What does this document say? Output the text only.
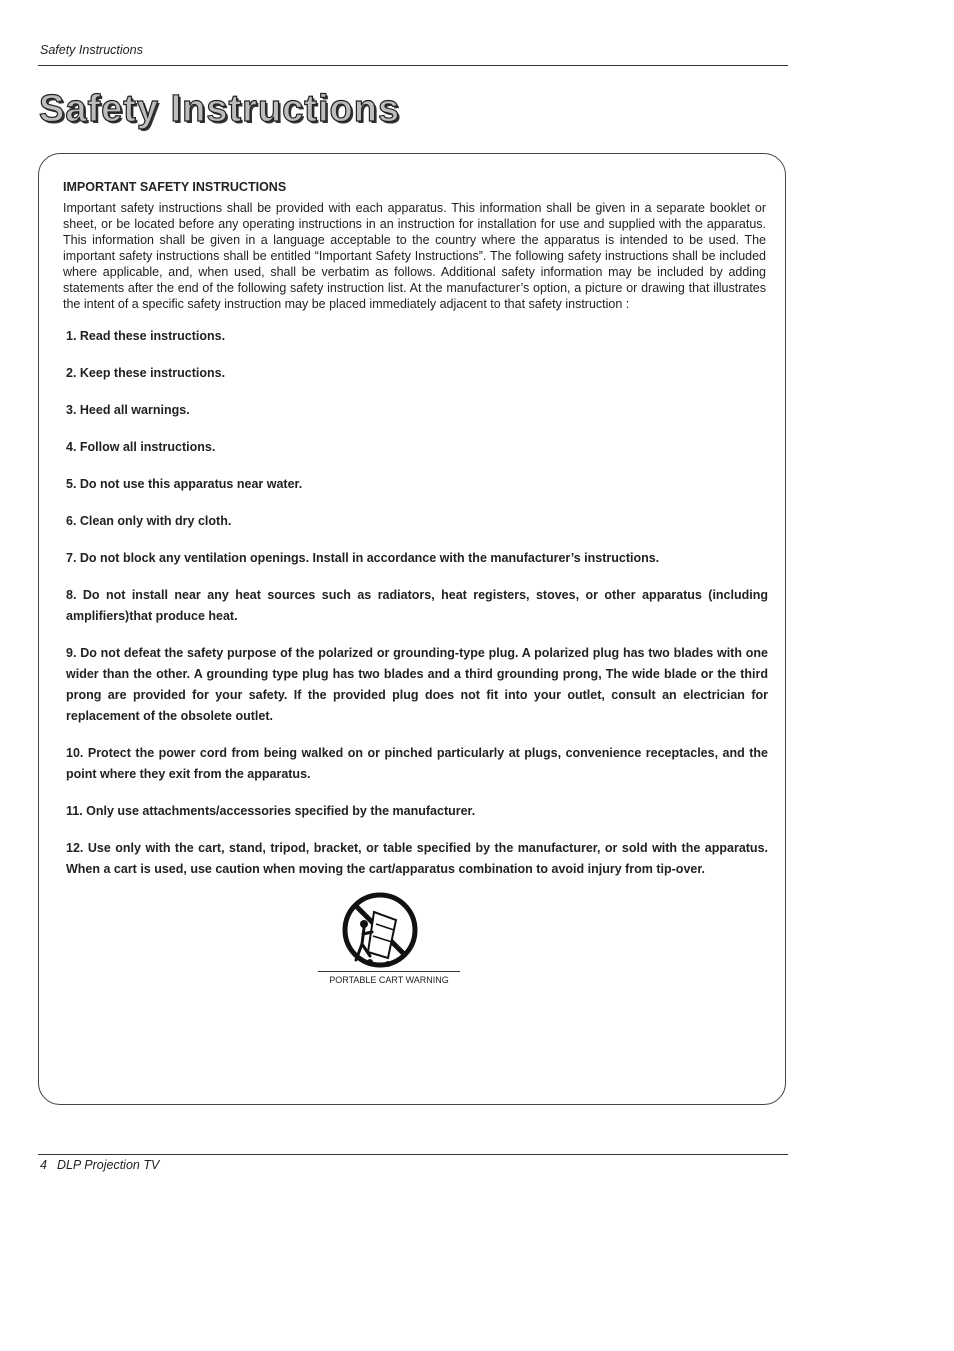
Safety Instructions
Safety Instructions
IMPORTANT SAFETY INSTRUCTIONS
Important safety instructions shall be provided with each apparatus. This information shall be given in a separate booklet or sheet, or be located before any operating instructions in an instruction for installation for use and supplied with the apparatus. This information shall be given in a language acceptable to the country where the apparatus is intended to be used. The important safety instructions shall be entitled “Important Safety Instructions”. The following safety instructions shall be included where applicable, and, when used, shall be verbatim as follows. Additional safety information may be included by adding statements after the end of the following safety instruction list. At the manufacturer’s option, a picture or drawing that illustrates the intent of a specific safety instruction may be placed immediately adjacent to that safety instruction :
1. Read these instructions.
2. Keep these instructions.
3. Heed all warnings.
4. Follow all instructions.
5. Do not use this apparatus near water.
6. Clean only with dry cloth.
7. Do not block any ventilation openings. Install in accordance with the manufacturer’s instructions.
8. Do not install near any heat sources such as radiators, heat registers, stoves, or other apparatus (including amplifiers)that produce heat.
9. Do not defeat the safety purpose of the polarized or grounding-type plug. A polarized plug has two blades with one wider than the other. A grounding type plug has two blades and a third grounding prong, The wide blade or the third prong are provided for your safety. If the provided plug does not fit into your outlet, consult an electrician for replacement of the obsolete outlet.
10. Protect the power cord from being walked on or pinched particularly at plugs, convenience receptacles, and the point where they exit from the apparatus.
11. Only use attachments/accessories specified by the manufacturer.
12. Use only with the cart, stand, tripod, bracket, or table specified by the manufacturer, or sold with the apparatus. When a cart is used, use caution when moving the cart/apparatus combination to avoid injury from tip-over.
PORTABLE CART WARNING
4 DLP Projection TV
